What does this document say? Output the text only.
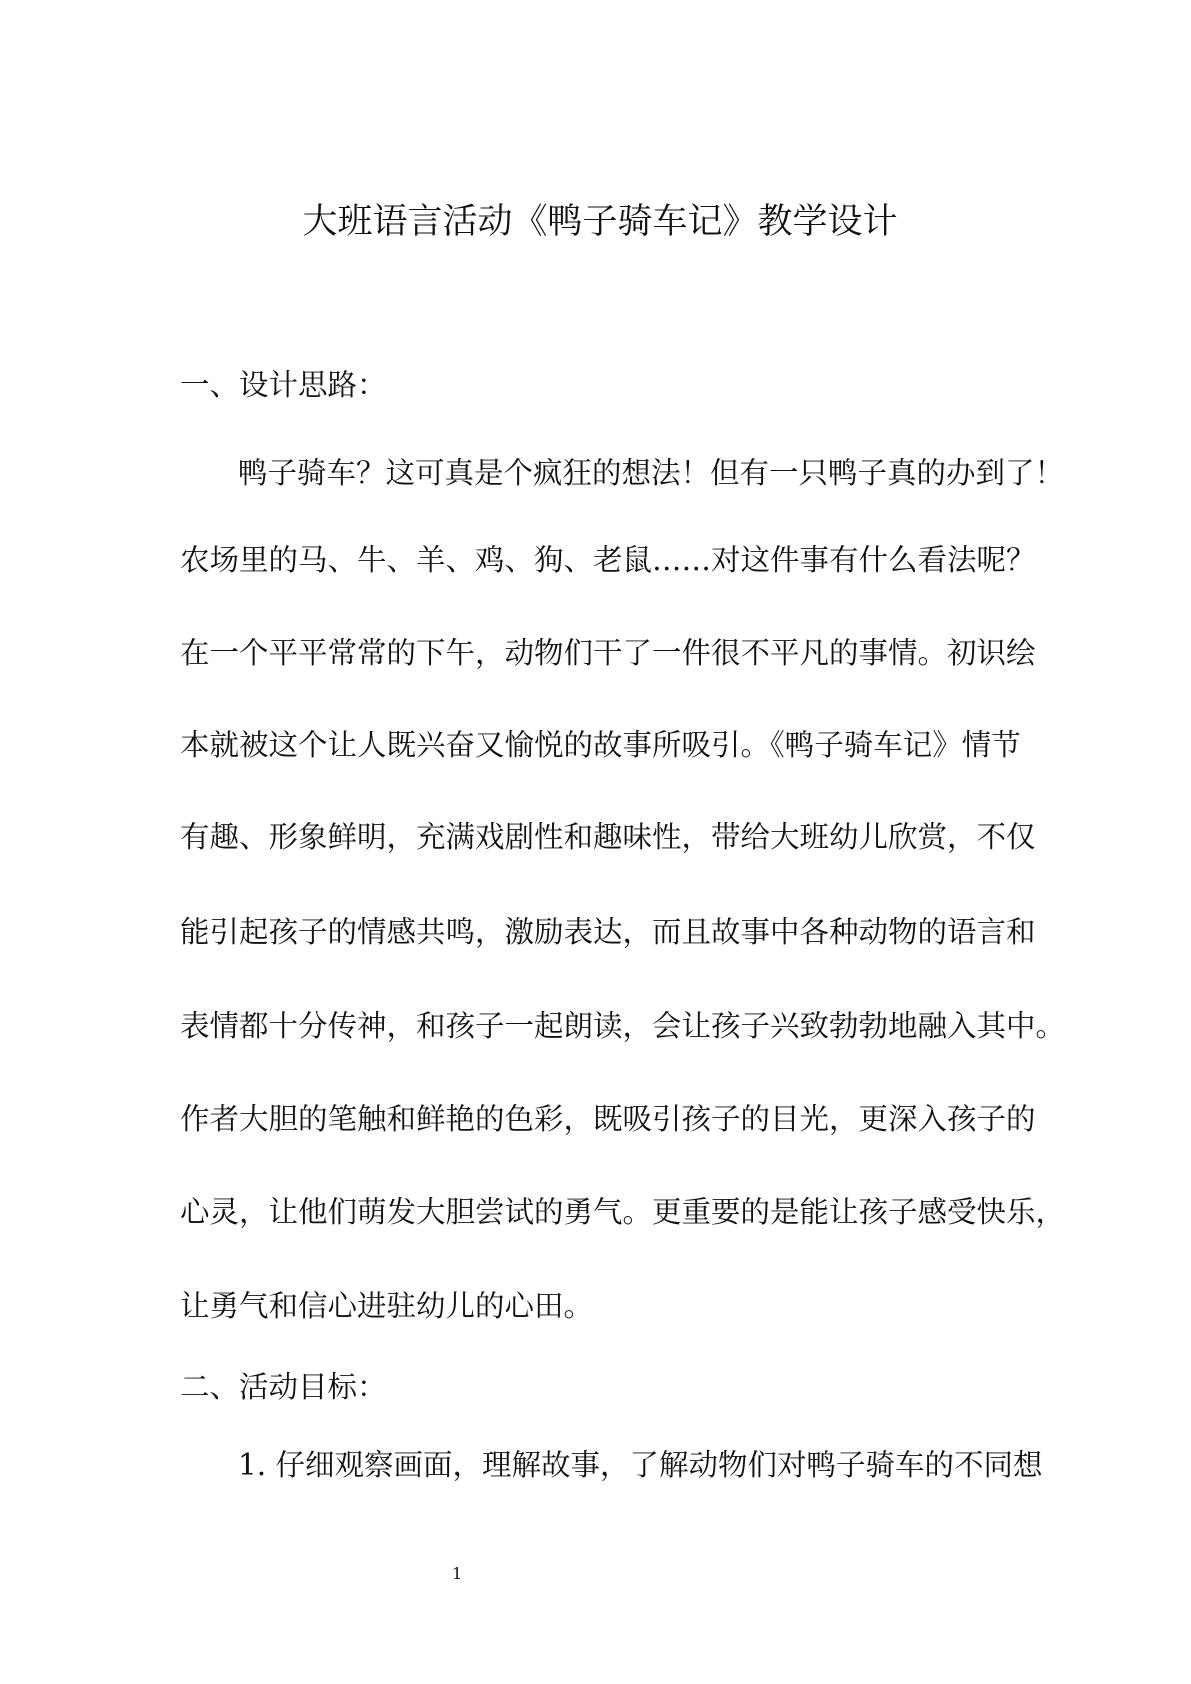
大班语言活动《鸭子骑车记》教学设计
一、设计思路：
鸭子骑车？这可真是个疯狂的想法！但有一只鸭子真的办到了！
农场里的马、牛、羊、鸡、狗、老鼠……对这件事有什么看法呢？
在一个平平常常的下午，动物们干了一件很不平凡的事情。初识绘
本就被这个让人既兴奋又愉悦的故事所吸引。《鸭子骑车记》情节
有趣、形象鲜明，充满戏剧性和趣味性，带给大班幼儿欣赏，不仅
能引起孩子的情感共鸣，激励表达，而且故事中各种动物的语言和
表情都十分传神，和孩子一起朗读，会让孩子兴致勃勃地融入其中。
作者大胆的笔触和鲜艳的色彩，既吸引孩子的目光，更深入孩子的
心灵，让他们萌发大胆尝试的勇气。更重要的是能让孩子感受快乐，
让勇气和信心进驻幼儿的心田。
二、活动目标：
1. 仔细观察画面，理解故事，了解动物们对鸭子骑车的不同想
1
